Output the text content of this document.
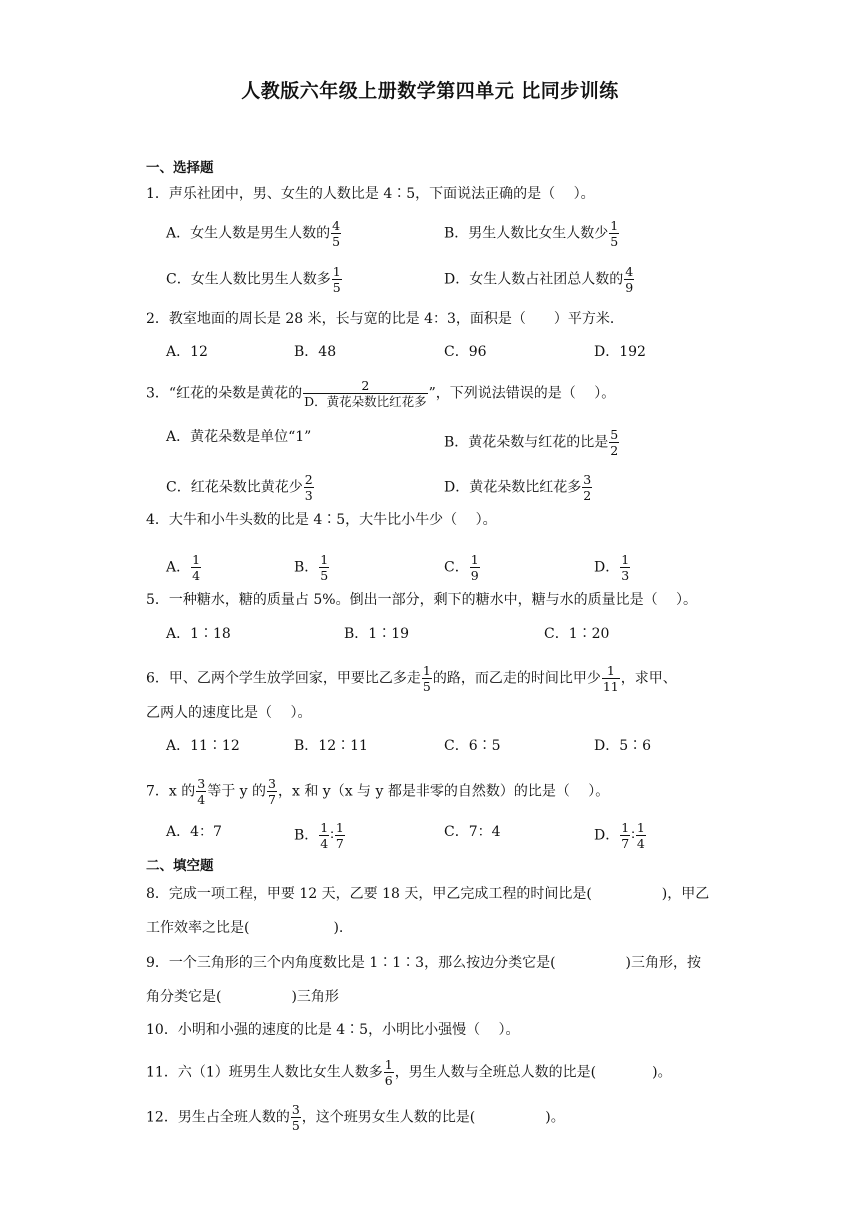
人教版六年级上册数学第四单元 比同步训练
一、选择题
1．声乐社团中，男、女生的人数比是 4∶5，下面说法正确的是（　 ）。
A．女生人数是男生人数的 $\frac{4}{5}$	B．男生人数比女生人数少 $\frac{1}{5}$
C．女生人数比男生人数多 $\frac{1}{5}$	D．女生人数占社团总人数的 $\frac{4}{9}$
2．教室地面的周长是 28 米，长与宽的比是 4：3，面积是（　　）平方米．
A．12	B．48	C．96	D．192
3．“红花的朵数是黄花的 $\frac{2}{\text{D．黄花朵数比红花多}}$ ”，下列说法错误的是（　 ）。
A．黄花朵数是单位“1”	B．黄花朵数与红花的比是 $\frac{5}{2}$
C．红花朵数比黄花少 $\frac{2}{3}$	D．黄花朵数比红花多 $\frac{3}{2}$
4．大牛和小牛头数的比是 4∶5，大牛比小牛少（　 ）。
A． $\frac{1}{4}$	B． $\frac{1}{5}$	C． $\frac{1}{9}$	D． $\frac{1}{3}$
5．一种糖水，糖的质量占 5%。倒出一部分，剩下的糖水中，糖与水的质量比是（　 ）。
A．1∶18	B．1∶19	C．1∶20
6．甲、乙两个学生放学回家，甲要比乙多走 $\frac{1}{5}$ 的路，而乙走的时间比甲少 $\frac{1}{11}$ ，求甲、
乙两人的速度比是（　 ）。
A．11∶12	B．12∶11	C．6∶5	D．5∶6
7．x 的 $\frac{3}{4}$ 等于 y 的 $\frac{3}{7}$ ，x 和 y（x 与 y 都是非零的自然数）的比是（　 ）。
A．4：7	B． $\frac{1}{4}$ ∶ $\frac{1}{7}$	C．7：4	D． $\frac{1}{7}$ ∶ $\frac{1}{4}$
二、填空题
8．完成一项工程，甲要 12 天，乙要 18 天，甲乙完成工程的时间比是(　　　　　)，甲乙
工作效率之比是(　　　　　　).
9．一个三角形的三个内角度数比是 1∶1∶3，那么按边分类它是(　　　　　)三角形，按
角分类它是(　　　　　)三角形
10．小明和小强的速度的比是 4∶5，小明比小强慢（　 ）。
11．六（1）班男生人数比女生人数多 $\frac{1}{6}$ ，男生人数与全班总人数的比是(　　　　)。
12．男生占全班人数的 $\frac{3}{5}$ ，这个班男女生人数的比是(　　　　　)。
